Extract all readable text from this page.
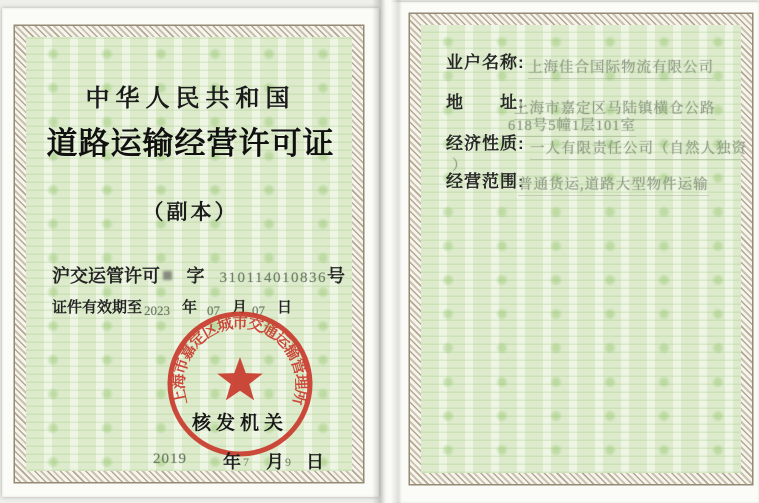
中华人民共和国
道路运输经营许可证
（副本）
沪交运管许可 字 310114010836 号
证件有效期至 2023 年 07 月 07 日
上海市嘉定区城市交通运输管理所
核发机关
2019 年 7 月 9 日
业户名称: 上海佳合国际物流有限公司
地　　址:
上海市嘉定区马陆镇横仓公路
618号5幢1层101室
经济性质: 一人有限责任公司（自然人独资
）
经营范围:
普通货运,道路大型物件运输
